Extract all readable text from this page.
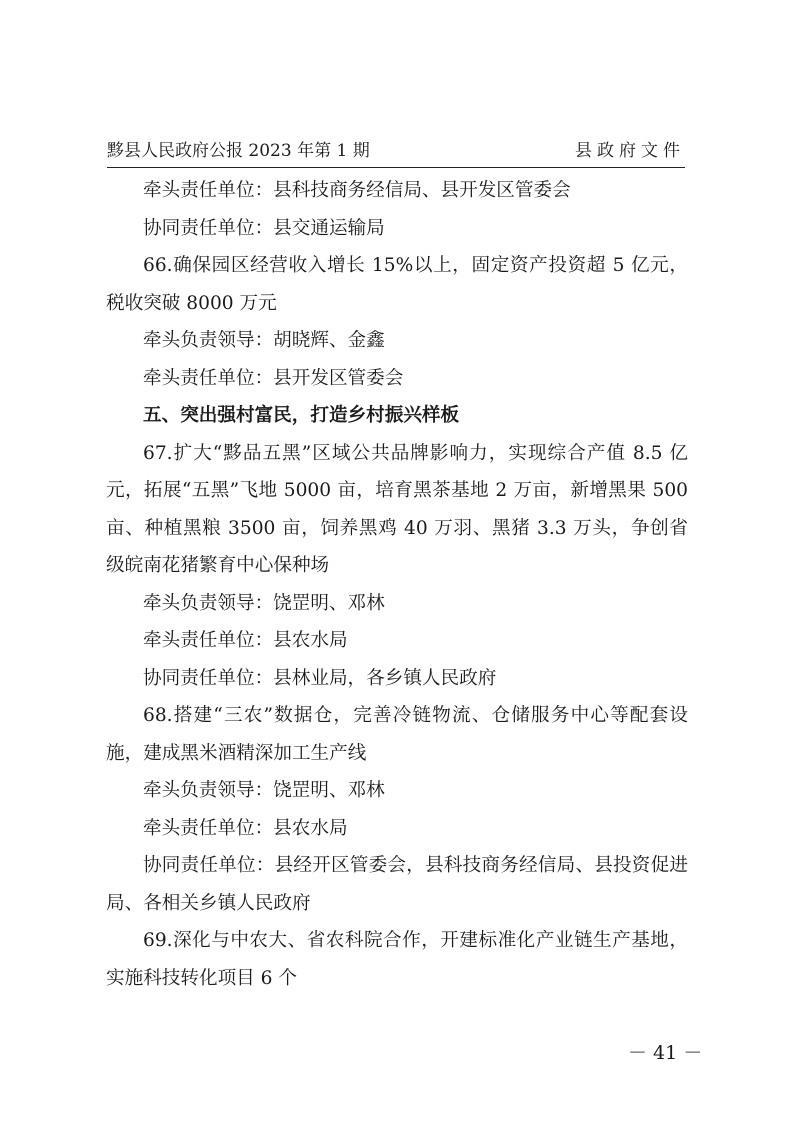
黟县人民政府公报 2023 年第 1 期	县政府文件

牵头责任单位：县科技商务经信局、县开发区管委会

协同责任单位：县交通运输局

66.确保园区经营收入增长 15%以上，固定资产投资超 5 亿元，税收突破 8000 万元

牵头负责领导：胡晓辉、金鑫

牵头责任单位：县开发区管委会

五、突出强村富民，打造乡村振兴样板

67.扩大“黟品五黑”区域公共品牌影响力，实现综合产值 8.5 亿元，拓展“五黑”飞地 5000 亩，培育黑茶基地 2 万亩，新增黑果 500 亩、种植黑粮 3500 亩，饲养黑鸡 40 万羽、黑猪 3.3 万头，争创省级皖南花猪繁育中心保种场

牵头负责领导：饶罡明、邓林

牵头责任单位：县农水局

协同责任单位：县林业局，各乡镇人民政府

68.搭建“三农”数据仓，完善冷链物流、仓储服务中心等配套设施，建成黑米酒精深加工生产线

牵头负责领导：饶罡明、邓林

牵头责任单位：县农水局

协同责任单位：县经开区管委会，县科技商务经信局、县投资促进局、各相关乡镇人民政府

69.深化与中农大、省农科院合作，开建标准化产业链生产基地，实施科技转化项目 6 个

－ 41 －
